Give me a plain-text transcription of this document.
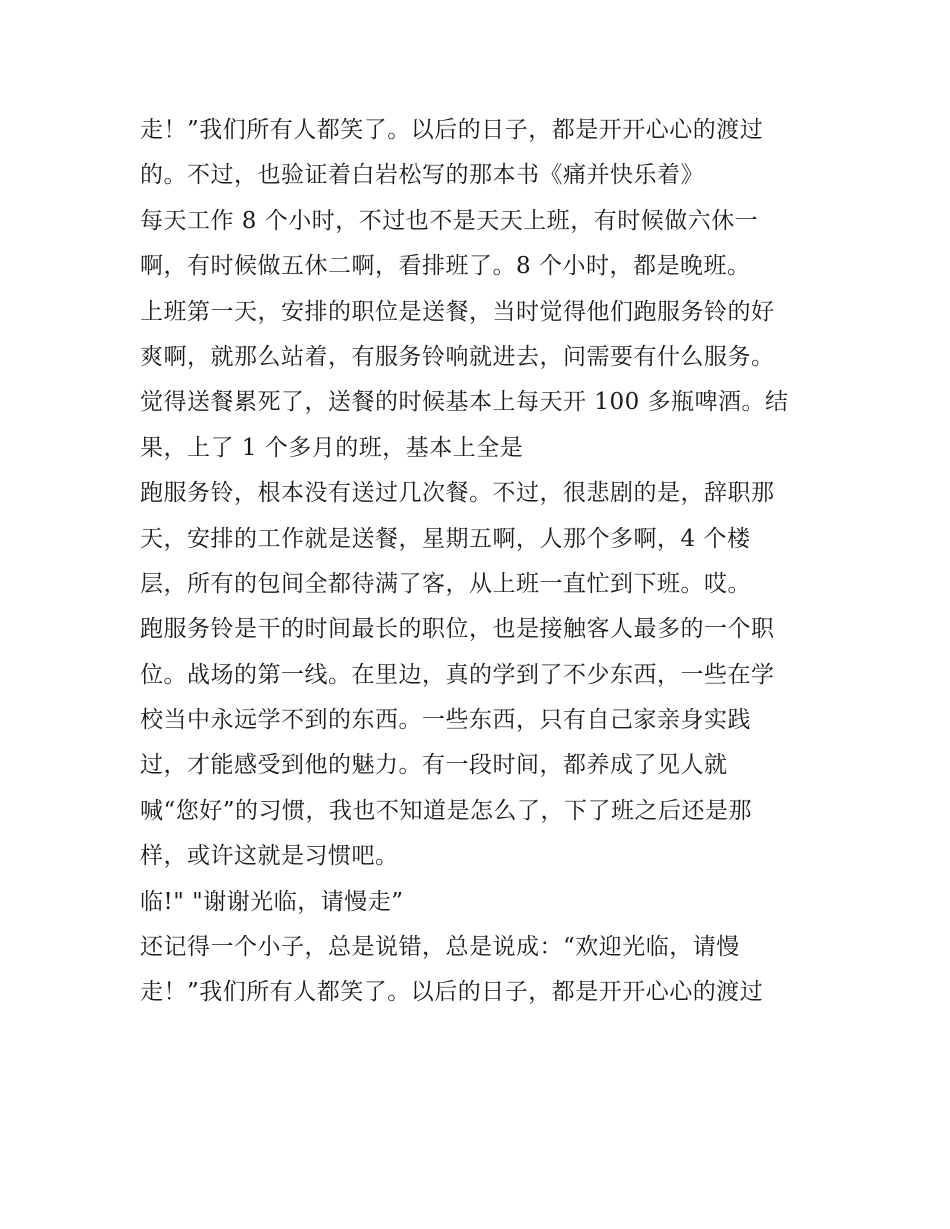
走！”我们所有人都笑了。以后的日子，都是开开心心的渡过
的。不过，也验证着白岩松写的那本书《痛并快乐着》
每天工作 8 个小时，不过也不是天天上班，有时候做六休一
啊，有时候做五休二啊，看排班了。8 个小时，都是晚班。
上班第一天，安排的职位是送餐，当时觉得他们跑服务铃的好
爽啊，就那么站着，有服务铃响就进去，问需要有什么服务。
觉得送餐累死了，送餐的时候基本上每天开 100 多瓶啤酒。结
果，上了 1 个多月的班，基本上全是
跑服务铃，根本没有送过几次餐。不过，很悲剧的是，辞职那
天，安排的工作就是送餐，星期五啊，人那个多啊，4 个楼
层，所有的包间全都待满了客，从上班一直忙到下班。哎。
跑服务铃是干的时间最长的职位，也是接触客人最多的一个职
位。战场的第一线。在里边，真的学到了不少东西，一些在学
校当中永远学不到的东西。一些东西，只有自己家亲身实践
过，才能感受到他的魅力。有一段时间，都养成了见人就
喊“您好”的习惯，我也不知道是怎么了，下了班之后还是那
样，或许这就是习惯吧。
临!" "谢谢光临，请慢走”
还记得一个小子，总是说错，总是说成：“欢迎光临，请慢
走！”我们所有人都笑了。以后的日子，都是开开心心的渡过
